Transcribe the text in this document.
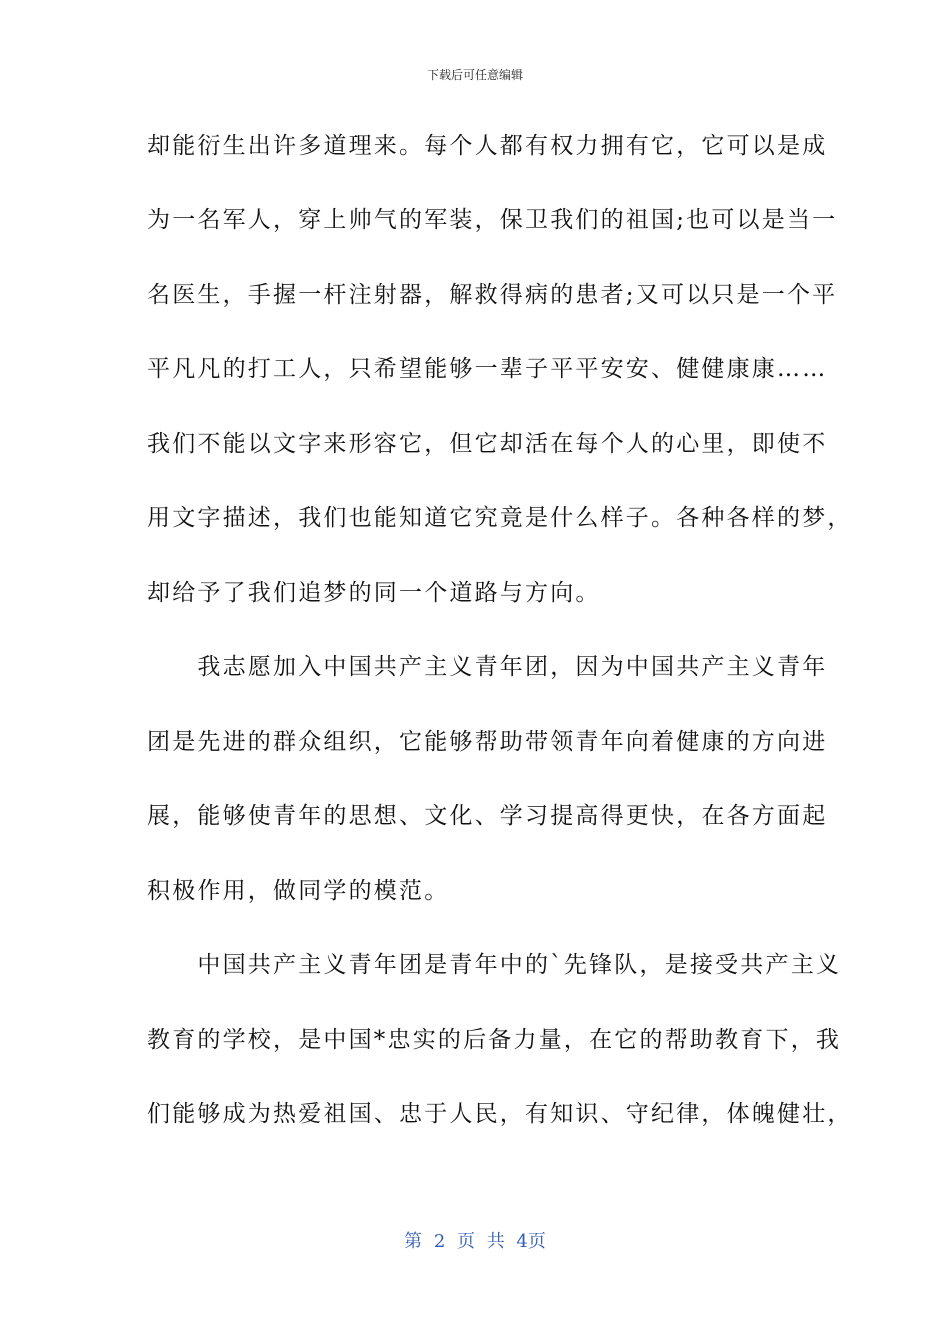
下载后可任意编辑
却能衍生出许多道理来。每个人都有权力拥有它，它可以是成
为一名军人，穿上帅气的军装，保卫我们的祖国;也可以是当一
名医生，手握一杆注射器，解救得病的患者;又可以只是一个平
平凡凡的打工人，只希望能够一辈子平平安安、健健康康……
我们不能以文字来形容它，但它却活在每个人的心里，即使不
用文字描述，我们也能知道它究竟是什么样子。各种各样的梦，
却给予了我们追梦的同一个道路与方向。
　　我志愿加入中国共产主义青年团，因为中国共产主义青年
团是先进的群众组织，它能够帮助带领青年向着健康的方向进
展，能够使青年的思想、文化、学习提高得更快，在各方面起
积极作用，做同学的模范。
　　中国共产主义青年团是青年中的`先锋队，是接受共产主义
教育的学校，是中国*忠实的后备力量，在它的帮助教育下，我
们能够成为热爱祖国、忠于人民，有知识、守纪律，体魄健壮，
第 2 页 共 4页
